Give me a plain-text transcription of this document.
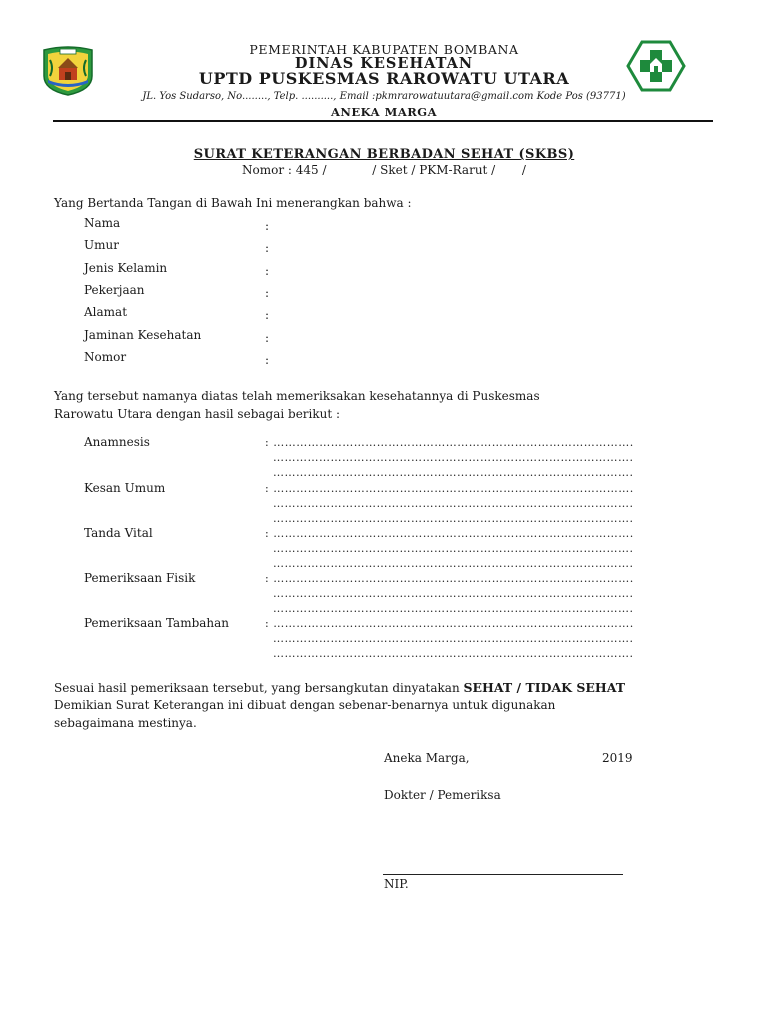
PEMERINTAH KABUPATEN BOMBANA
DINAS KESEHATAN
UPTD PUSKESMAS RAROWATU UTARA
JL. Yos Sudarso, No........, Telp. .........., Email :pkmrarowatuutara@gmail.com Kode Pos (93771)
ANEKA MARGA
SURAT KETERANGAN BERBADAN SEHAT (SKBS)
Nomor : 445 /            / Sket / PKM-Rarut /       /
Yang Bertanda Tangan di Bawah Ini menerangkan bahwa :
Nama	:
Umur	:
Jenis Kelamin	:
Pekerjaan	:
Alamat	:
Jaminan Kesehatan	:
Nomor	:
Yang tersebut namanya diatas telah memeriksakan kesehatannya di Puskesmas
Rarowatu Utara dengan hasil sebagai berikut :
Anamnesis	: ………………………………………………………………………………….
………………………………………………………………………………….
………………………………………………………………………………….
Kesan Umum	: ………………………………………………………………………………….
………………………………………………………………………………….
………………………………………………………………………………….
Tanda Vital	: ………………………………………………………………………………….
………………………………………………………………………………….
………………………………………………………………………………….
Pemeriksaan Fisik	: ………………………………………………………………………………….
………………………………………………………………………………….
………………………………………………………………………………….
Pemeriksaan Tambahan	: ………………………………………………………………………………….
………………………………………………………………………………….
………………………………………………………………………………….
Sesuai hasil pemeriksaan tersebut, yang bersangkutan dinyatakan SEHAT / TIDAK SEHAT
Demikian Surat Keterangan ini dibuat dengan sebenar-benarnya untuk digunakan
sebagaimana mestinya.
Aneka Marga,	2019
Dokter / Pemeriksa
NIP.
